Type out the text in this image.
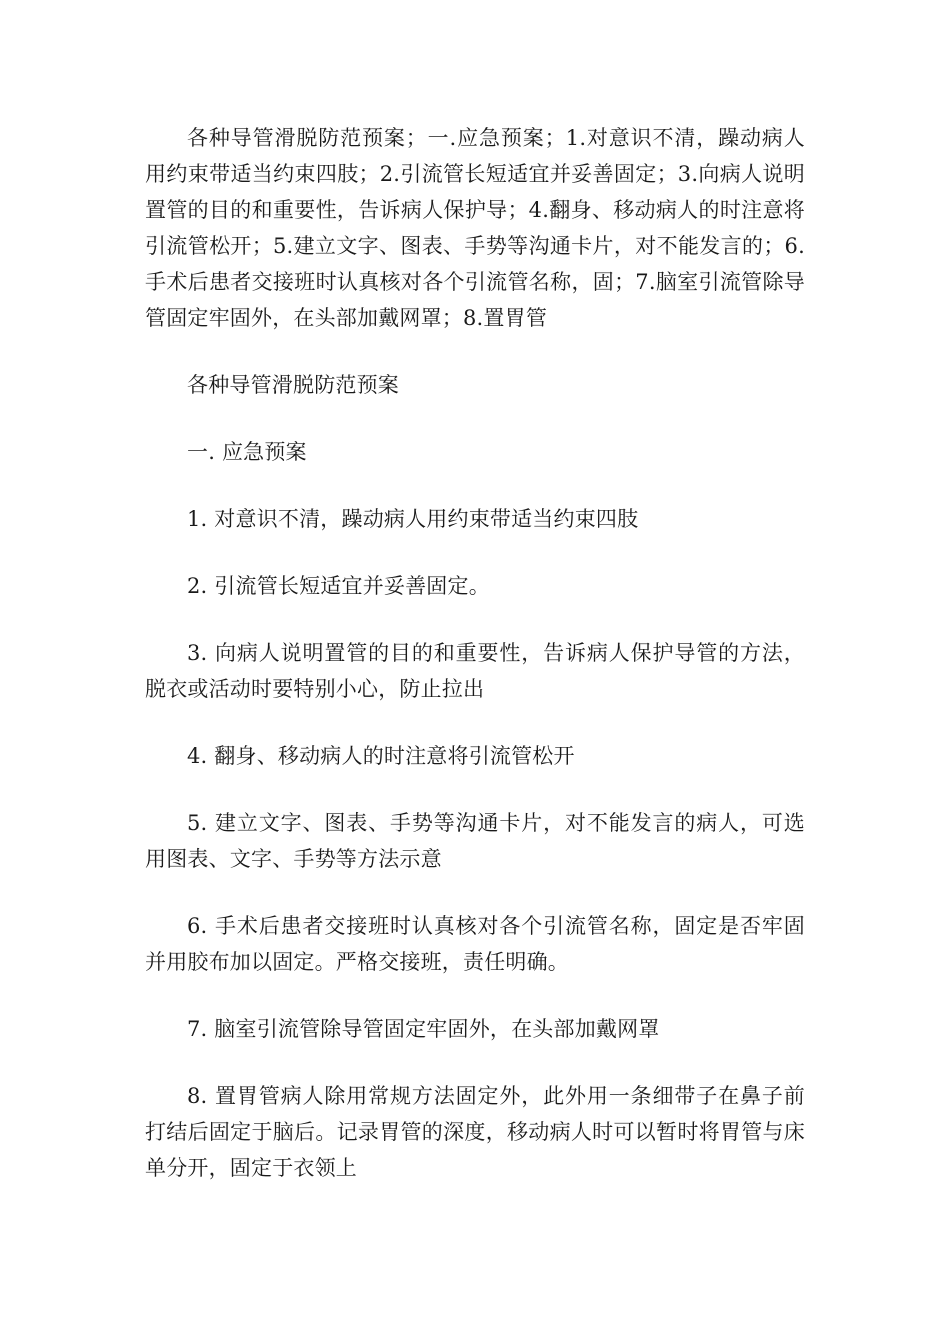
各种导管滑脱防范预案；一.应急预案；1.对意识不清，躁动病人用约束带适当约束四肢；2.引流管长短适宜并妥善固定；3.向病人说明置管的目的和重要性，告诉病人保护导；4.翻身、移动病人的时注意将引流管松开；5.建立文字、图表、手势等沟通卡片，对不能发言的；6.手术后患者交接班时认真核对各个引流管名称，固；7.脑室引流管除导管固定牢固外，在头部加戴网罩；8.置胃管

各种导管滑脱防范预案

一. 应急预案

1. 对意识不清，躁动病人用约束带适当约束四肢

2. 引流管长短适宜并妥善固定。

3. 向病人说明置管的目的和重要性，告诉病人保护导管的方法，脱衣或活动时要特别小心，防止拉出

4. 翻身、移动病人的时注意将引流管松开

5. 建立文字、图表、手势等沟通卡片，对不能发言的病人，可选用图表、文字、手势等方法示意

6. 手术后患者交接班时认真核对各个引流管名称，固定是否牢固并用胶布加以固定。严格交接班，责任明确。

7. 脑室引流管除导管固定牢固外，在头部加戴网罩

8. 置胃管病人除用常规方法固定外，此外用一条细带子在鼻子前打结后固定于脑后。记录胃管的深度，移动病人时可以暂时将胃管与床单分开，固定于衣领上
